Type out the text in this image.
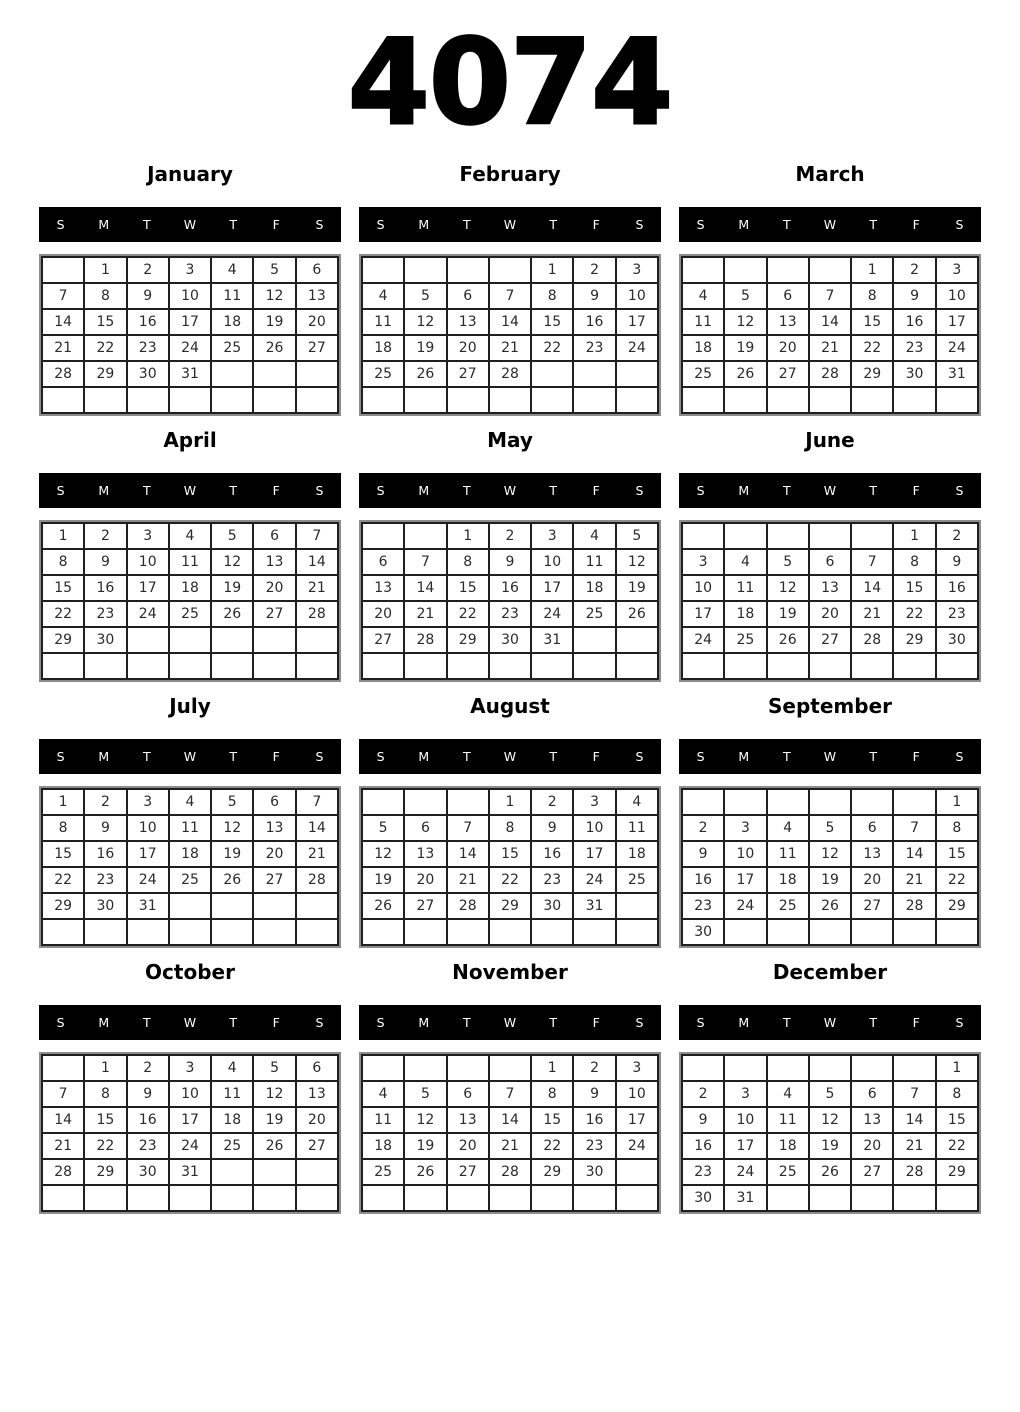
4074
January
S	M	T	W	T	F	S
	1	2	3	4	5	6
7	8	9	10	11	12	13
14	15	16	17	18	19	20
21	22	23	24	25	26	27
28	29	30	31			

February
S	M	T	W	T	F	S
				1	2	3
4	5	6	7	8	9	10
11	12	13	14	15	16	17
18	19	20	21	22	23	24
25	26	27	28			

March
S	M	T	W	T	F	S
				1	2	3
4	5	6	7	8	9	10
11	12	13	14	15	16	17
18	19	20	21	22	23	24
25	26	27	28	29	30	31

April
S	M	T	W	T	F	S
1	2	3	4	5	6	7
8	9	10	11	12	13	14
15	16	17	18	19	20	21
22	23	24	25	26	27	28
29	30					

May
S	M	T	W	T	F	S
		1	2	3	4	5
6	7	8	9	10	11	12
13	14	15	16	17	18	19
20	21	22	23	24	25	26
27	28	29	30	31		

June
S	M	T	W	T	F	S
					1	2
3	4	5	6	7	8	9
10	11	12	13	14	15	16
17	18	19	20	21	22	23
24	25	26	27	28	29	30

July
S	M	T	W	T	F	S
1	2	3	4	5	6	7
8	9	10	11	12	13	14
15	16	17	18	19	20	21
22	23	24	25	26	27	28
29	30	31				

August
S	M	T	W	T	F	S
			1	2	3	4
5	6	7	8	9	10	11
12	13	14	15	16	17	18
19	20	21	22	23	24	25
26	27	28	29	30	31	

September
S	M	T	W	T	F	S
						1
2	3	4	5	6	7	8
9	10	11	12	13	14	15
16	17	18	19	20	21	22
23	24	25	26	27	28	29
30						
October
S	M	T	W	T	F	S
	1	2	3	4	5	6
7	8	9	10	11	12	13
14	15	16	17	18	19	20
21	22	23	24	25	26	27
28	29	30	31			

November
S	M	T	W	T	F	S
				1	2	3
4	5	6	7	8	9	10
11	12	13	14	15	16	17
18	19	20	21	22	23	24
25	26	27	28	29	30	

December
S	M	T	W	T	F	S
						1
2	3	4	5	6	7	8
9	10	11	12	13	14	15
16	17	18	19	20	21	22
23	24	25	26	27	28	29
30	31					
